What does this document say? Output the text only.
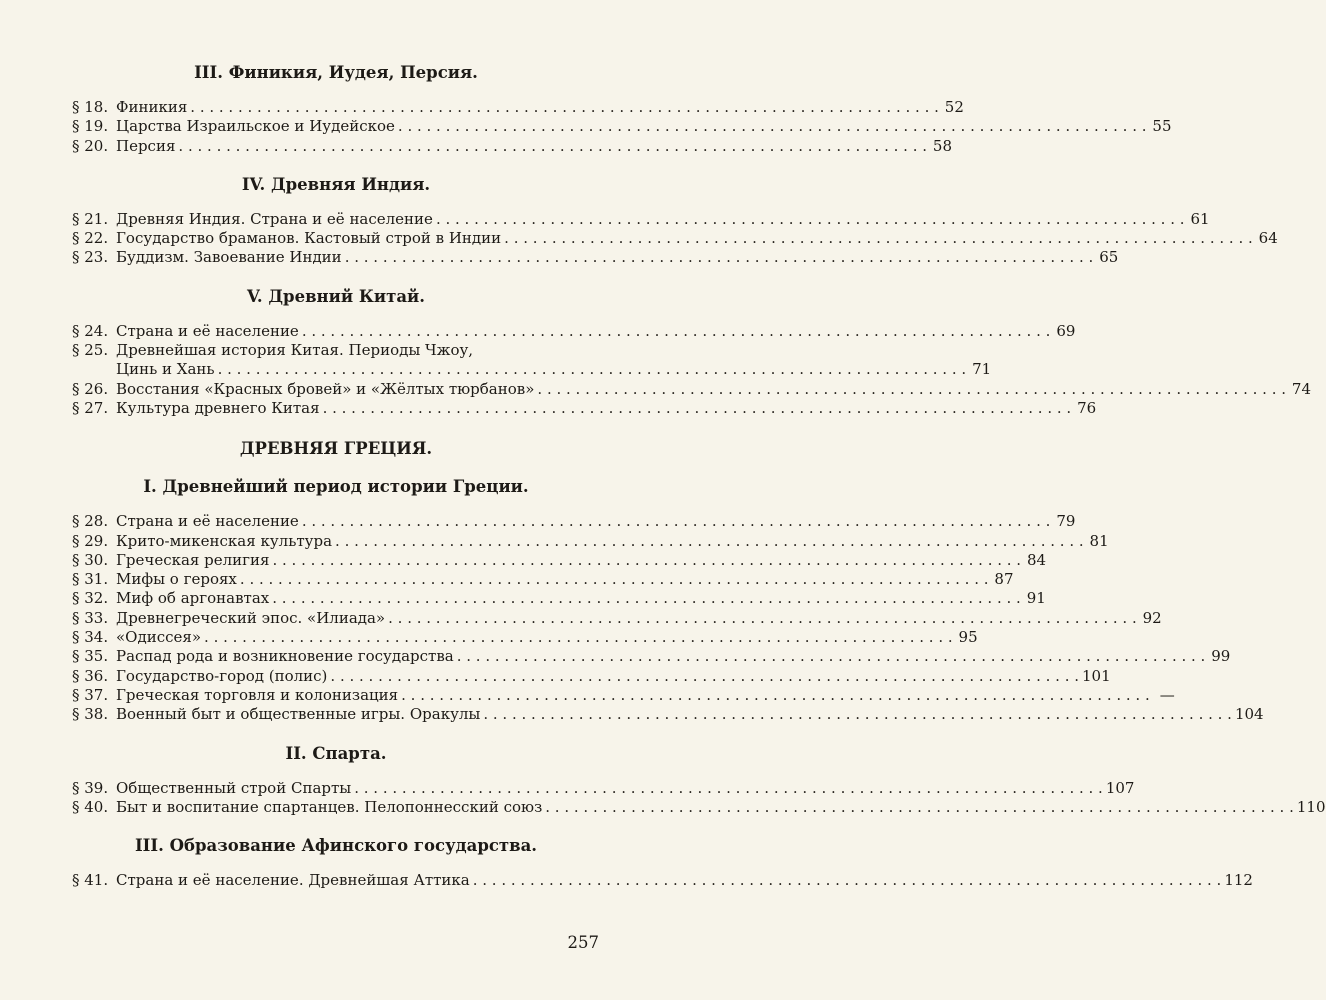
III. Финикия, Иудея, Персия.
§ 18. Финикия . . .	52
§ 19. Царства Израильское и Иудейское . . .	55
§ 20. Персия . . .	58
IV. Древняя Индия.
§ 21. Древняя Индия. Страна и её население . . .	61
§ 22. Государство браманов. Кастовый строй в Индии . . .	64
§ 23. Буддизм. Завоевание Индии . . .	65
V. Древний Китай.
§ 24. Страна и её население . . .	69
§ 25. Древнейшая история Китая. Периоды Чжоу,
Цинь и Хань . . .	71
§ 26. Восстания «Красных бровей» и «Жёлтых тюрбанов» . . .	74
§ 27. Культура древнего Китая . . .	76
ДРЕВНЯЯ ГРЕЦИЯ.
I. Древнейший период истории Греции.
§ 28. Страна и её население . . .	79
§ 29. Крито-микенская культура . . .	81
§ 30. Греческая религия . . .	84
§ 31. Мифы о героях . . .	87
§ 32. Миф об аргонавтах . . .	91
§ 33. Древнегреческий эпос. «Илиада» . . .	92
§ 34. «Одиссея» . . .	95
§ 35. Распад рода и возникновение государства . . .	99
§ 36. Государство-город (полис) . . .	101
§ 37. Греческая торговля и колонизация . . .	—
§ 38. Военный быт и общественные игры. Оракулы . . .	104
II. Спарта.
§ 39. Общественный строй Спарты . . .	107
§ 40. Быт и воспитание спартанцев. Пелопоннесский союз . . .	110
III. Образование Афинского государства.
§ 41. Страна и её население. Древнейшая Аттика . . .	112
257
